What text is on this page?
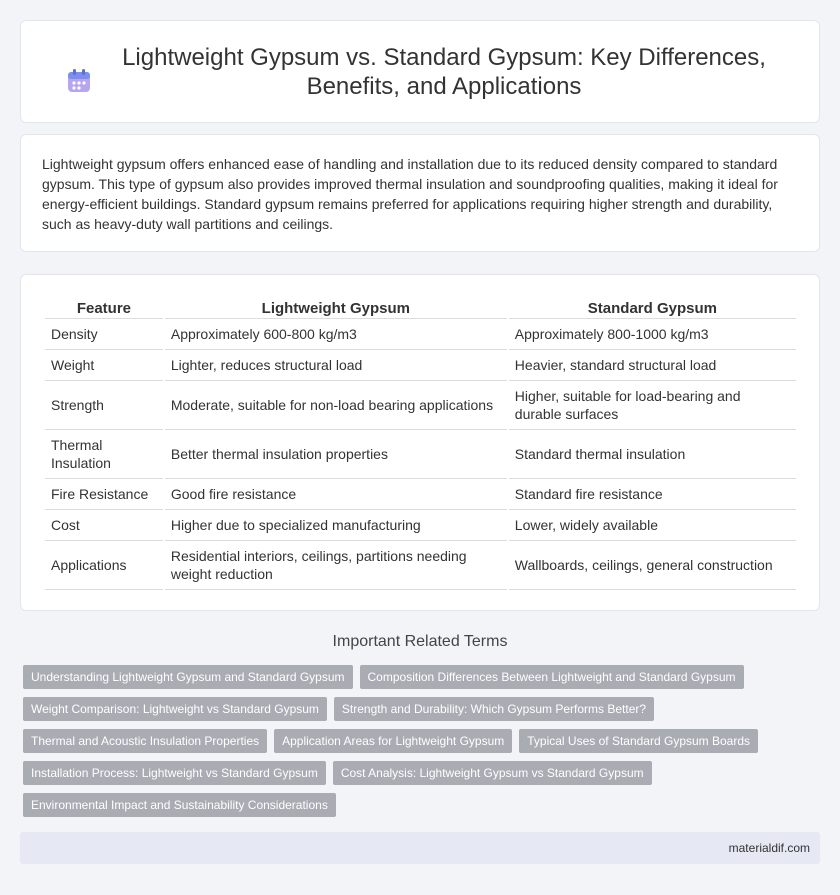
Lightweight Gypsum vs. Standard Gypsum: Key Differences, Benefits, and Applications

Lightweight gypsum offers enhanced ease of handling and installation due to its reduced density compared to standard gypsum. This type of gypsum also provides improved thermal insulation and soundproofing qualities, making it ideal for energy-efficient buildings. Standard gypsum remains preferred for applications requiring higher strength and durability, such as heavy-duty wall partitions and ceilings.

Feature	Lightweight Gypsum	Standard Gypsum
Density	Approximately 600-800 kg/m3	Approximately 800-1000 kg/m3
Weight	Lighter, reduces structural load	Heavier, standard structural load
Strength	Moderate, suitable for non-load bearing applications	Higher, suitable for load-bearing and durable surfaces
Thermal Insulation	Better thermal insulation properties	Standard thermal insulation
Fire Resistance	Good fire resistance	Standard fire resistance
Cost	Higher due to specialized manufacturing	Lower, widely available
Applications	Residential interiors, ceilings, partitions needing weight reduction	Wallboards, ceilings, general construction
Important Related Terms
Understanding Lightweight Gypsum and Standard Gypsum	Composition Differences Between Lightweight and Standard Gypsum
Weight Comparison: Lightweight vs Standard Gypsum	Strength and Durability: Which Gypsum Performs Better?
Thermal and Acoustic Insulation Properties	Application Areas for Lightweight Gypsum	Typical Uses of Standard Gypsum Boards
Installation Process: Lightweight vs Standard Gypsum	Cost Analysis: Lightweight Gypsum vs Standard Gypsum
Environmental Impact and Sustainability Considerations
materialdif.com
